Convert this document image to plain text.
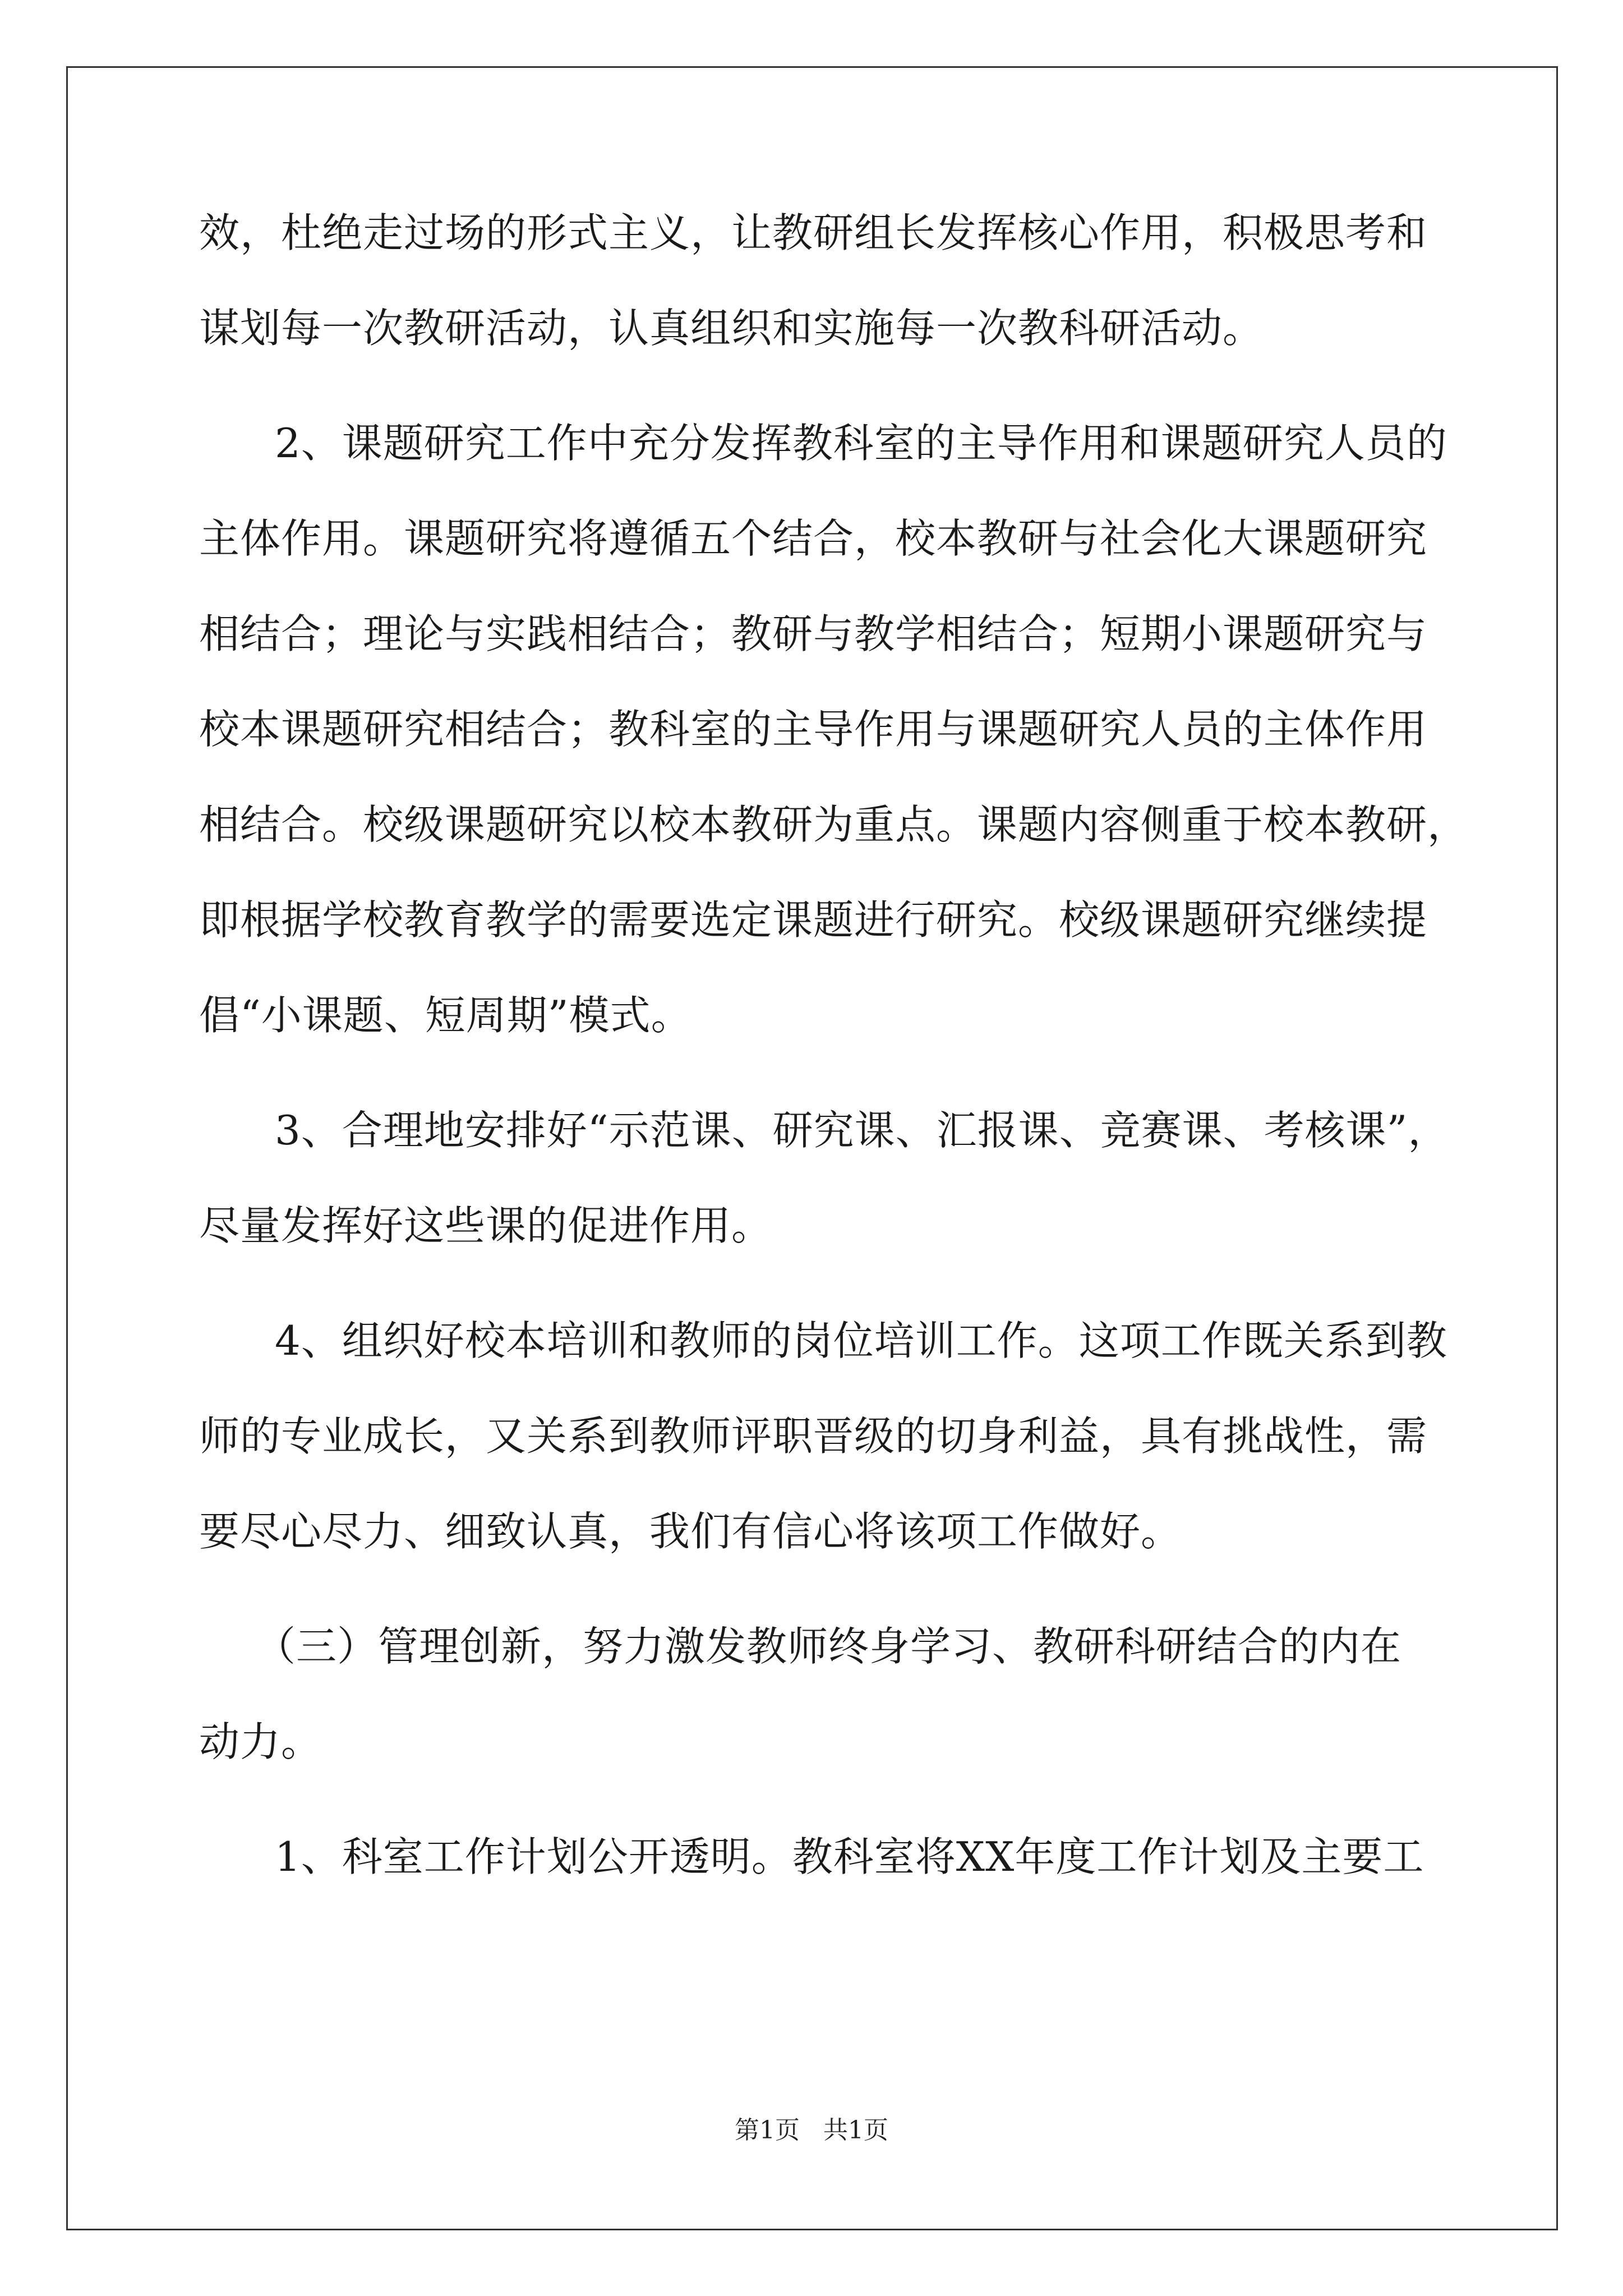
效，杜绝走过场的形式主义，让教研组长发挥核心作用，积极思考和
谋划每一次教研活动，认真组织和实施每一次教科研活动。
2、课题研究工作中充分发挥教科室的主导作用和课题研究人员的
主体作用。课题研究将遵循五个结合，校本教研与社会化大课题研究
相结合；理论与实践相结合；教研与教学相结合；短期小课题研究与
校本课题研究相结合；教科室的主导作用与课题研究人员的主体作用
相结合。校级课题研究以校本教研为重点。课题内容侧重于校本教研，
即根据学校教育教学的需要选定课题进行研究。校级课题研究继续提
倡“小课题、短周期”模式。
3、合理地安排好“示范课、研究课、汇报课、竞赛课、考核课”，
尽量发挥好这些课的促进作用。
4、组织好校本培训和教师的岗位培训工作。这项工作既关系到教
师的专业成长，又关系到教师评职晋级的切身利益，具有挑战性，需
要尽心尽力、细致认真，我们有信心将该项工作做好。
（三）管理创新，努力激发教师终身学习、教研科研结合的内在
动力。
1、科室工作计划公开透明。教科室将XX年度工作计划及主要工
第1页 共1页
